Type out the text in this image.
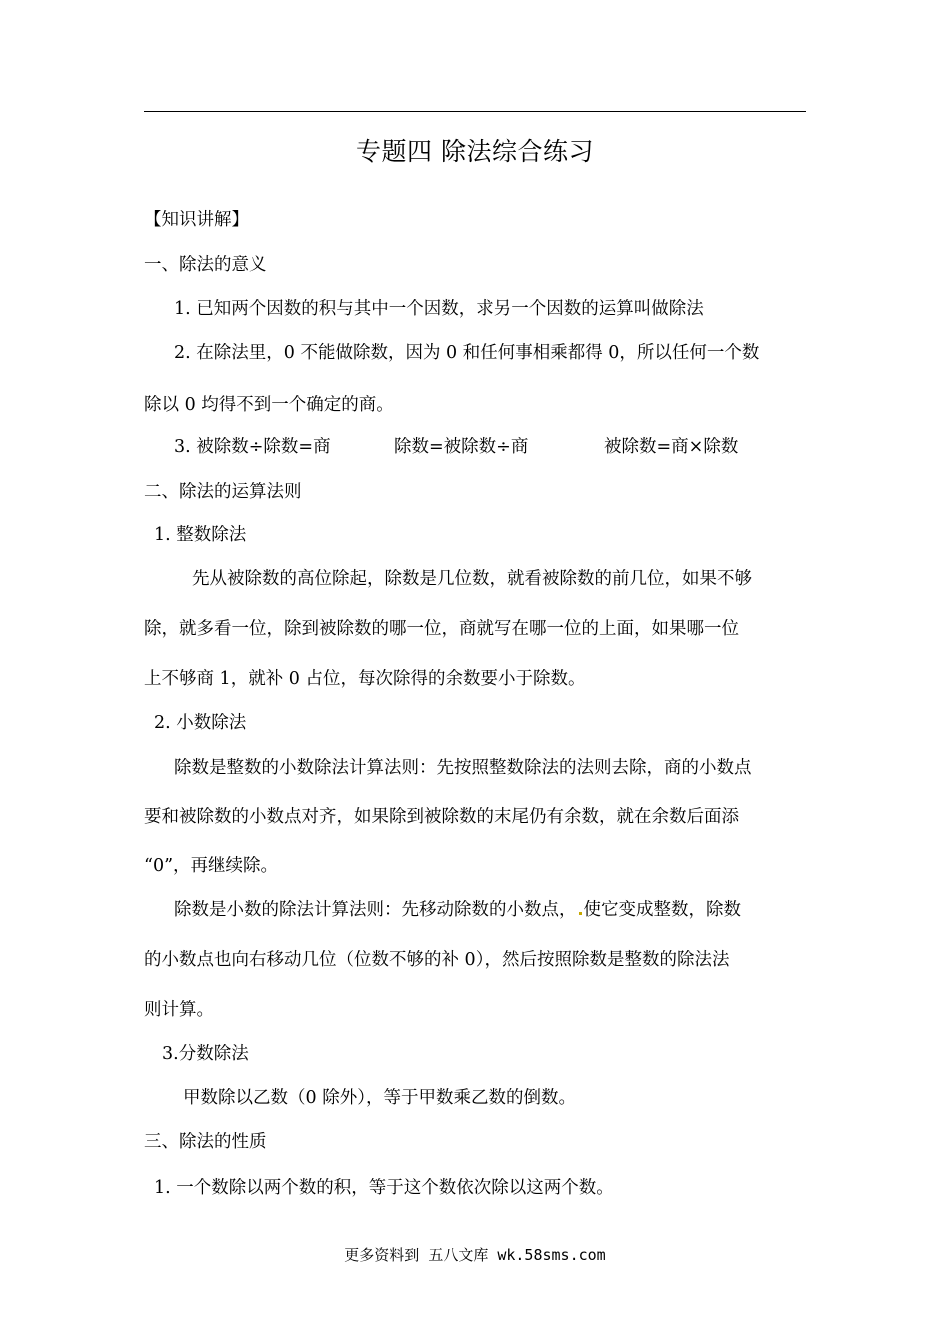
专题四 除法综合练习
【知识讲解】
一、除法的意义
1. 已知两个因数的积与其中一个因数，求另一个因数的运算叫做除法
2. 在除法里，0 不能做除数，因为 0 和任何事相乘都得 0，所以任何一个数
除以 0 均得不到一个确定的商。
3. 被除数÷除数=商	除数=被除数÷商	被除数=商×除数
二、除法的运算法则
1. 整数除法
先从被除数的高位除起，除数是几位数，就看被除数的前几位，如果不够
除，就多看一位，除到被除数的哪一位，商就写在哪一位的上面，如果哪一位
上不够商 1，就补 0 占位，每次除得的余数要小于除数。
2. 小数除法
除数是整数的小数除法计算法则：先按照整数除法的法则去除，商的小数点
要和被除数的小数点对齐，如果除到被除数的末尾仍有余数，就在余数后面添
“0”，再继续除。
除数是小数的除法计算法则：先移动除数的小数点， 使它变成整数，除数
的小数点也向右移动几位（位数不够的补 0），然后按照除数是整数的除法法
则计算。
3.分数除法
甲数除以乙数（0 除外），等于甲数乘乙数的倒数。
三、除法的性质
1. 一个数除以两个数的积，等于这个数依次除以这两个数。
更多资料到 五八文库 wk.58sms.com
